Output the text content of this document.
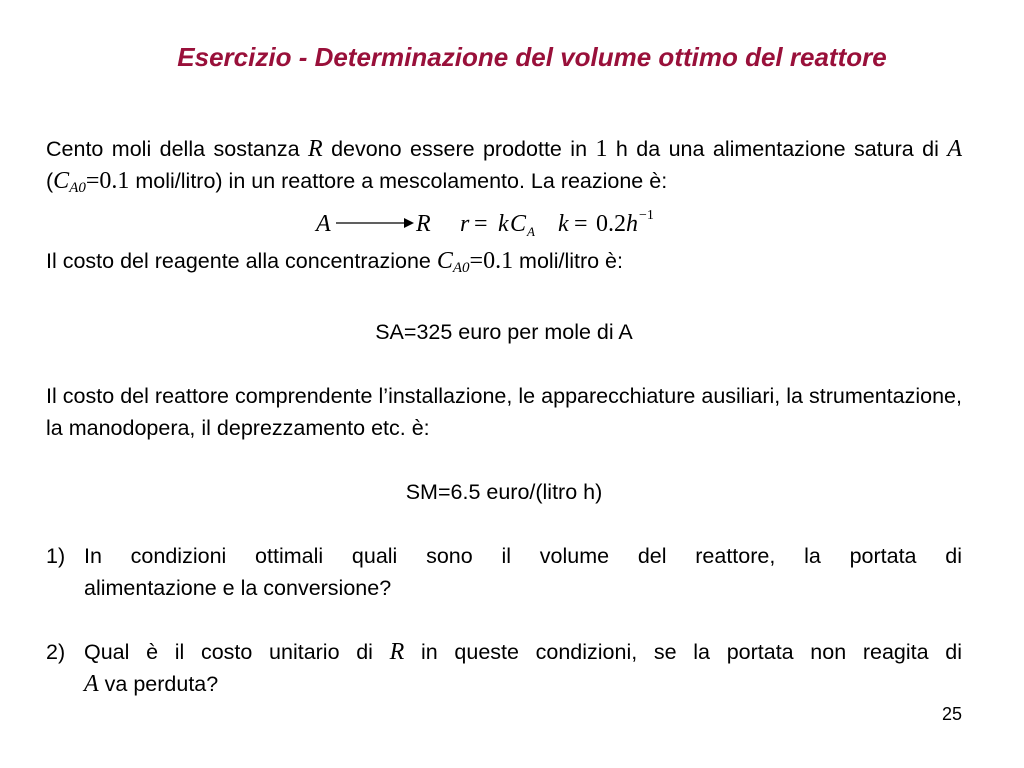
Esercizio - Determinazione del volume ottimo del reattore
Cento moli della sostanza R devono essere prodotte in 1 h da una alimentazione satura di A ($C_{A0}=0.1$ moli/litro) in un reattore a mescolamento. La reazione è:
A	R r = k C A k = 0.2 h −1
Il costo del reagente alla concentrazione $C_{A0}=0.1$ moli/litro è:
SA=325 euro per mole di A
Il costo del reattore comprendente l’installazione, le apparecchiature ausiliari, la strumentazione, la manodopera, il deprezzamento etc. è:
SM=6.5 euro/(litro h)
1) In condizioni ottimali quali sono il volume del reattore, la portata di
alimentazione e la conversione?
2) Qual è il costo unitario di R in queste condizioni, se la portata non reagita di
A va perduta?
25
